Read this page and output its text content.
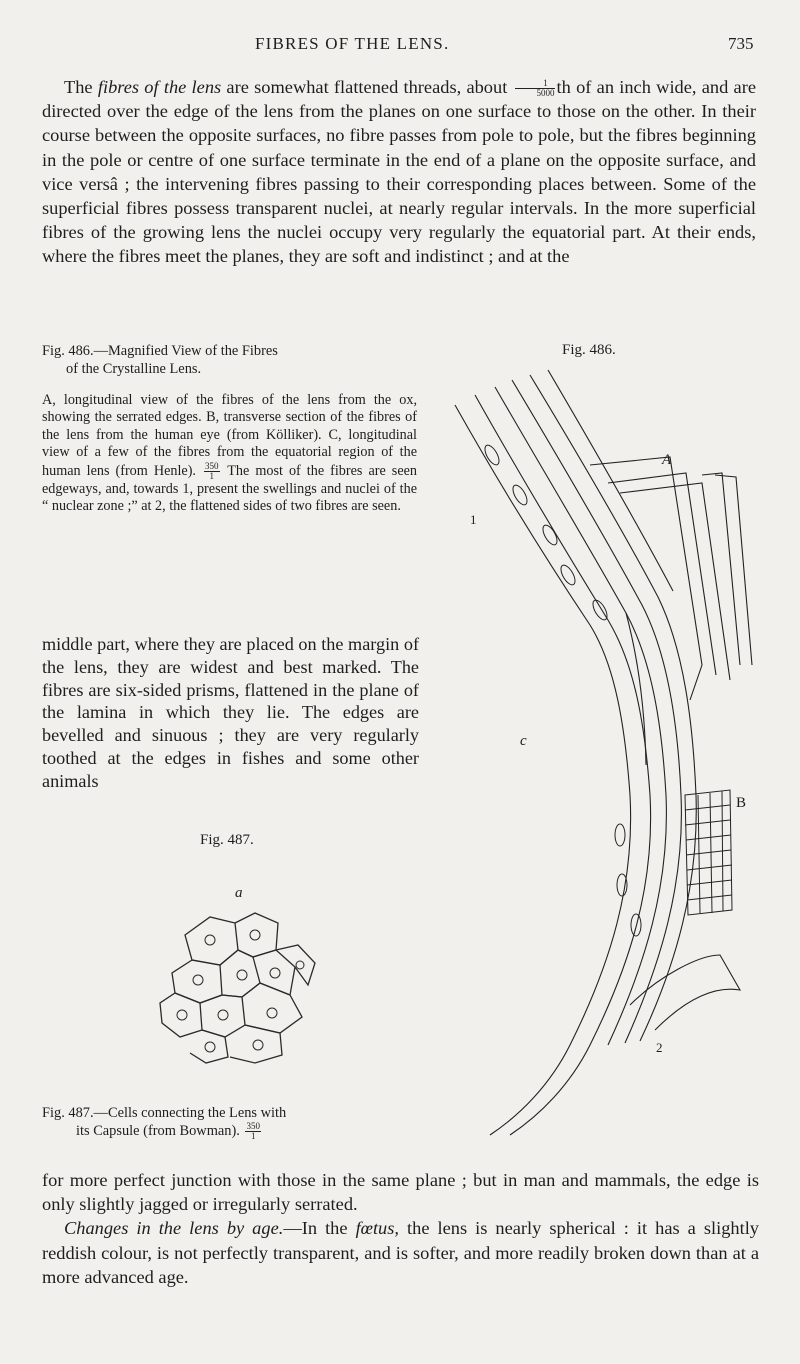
FIBRES OF THE LENS.	735

The fibres of the lens are somewhat flattened threads, about $\frac{1}{5000}$ th of an inch wide, and are directed over the edge of the lens from the planes on one surface to those on the other. In their course between the opposite surfaces, no fibre passes from pole to pole, but the fibres beginning in the pole or centre of one surface terminate in the end of a plane on the opposite surface, and vice versâ ; the intervening fibres passing to their corresponding places between. Some of the superficial fibres possess transparent nuclei, at nearly regular intervals. In the more superficial fibres of the growing lens the nuclei occupy very regularly the equatorial part. At their ends, where the fibres meet the planes, they are soft and indistinct ; and at the

Fig. 486.—Magnified View of the Fibres
of the Crystalline Lens.
Fig. 486.
A, longitudinal view of the fibres of the lens from the ox, showing the serrated edges. B, transverse section of the fibres of the lens from the human eye (from Kölliker). C, longitudinal view of a few of the fibres from the equatorial region of the human lens (from Henle). $\frac{350}{1}$ The most of the fibres are seen edgeways, and, towards 1, present the swellings and nuclei of the “ nuclear zone ;” at 2, the flattened sides of two fibres are seen.

middle part, where they are placed on the margin of the lens, they are widest and best marked. The fibres are six-sided prisms, flattened in the plane of the lamina in which they lie. The edges are bevelled and sinuous ; they are very regularly toothed at the edges in fishes and some other animals

Fig. 487.
a
Fig. 487.—Cells connecting the Lens with
its Capsule (from Bowman). $\frac{350}{1}$
A
B
c
1
2

for more perfect junction with those in the same plane ; but in man and mammals, the edge is only slightly jagged or irregularly serrated.

Changes in the lens by age.—In the fœtus, the lens is nearly spherical : it has a slightly reddish colour, is not perfectly transparent, and is softer, and more readily broken down than at a more advanced age.
